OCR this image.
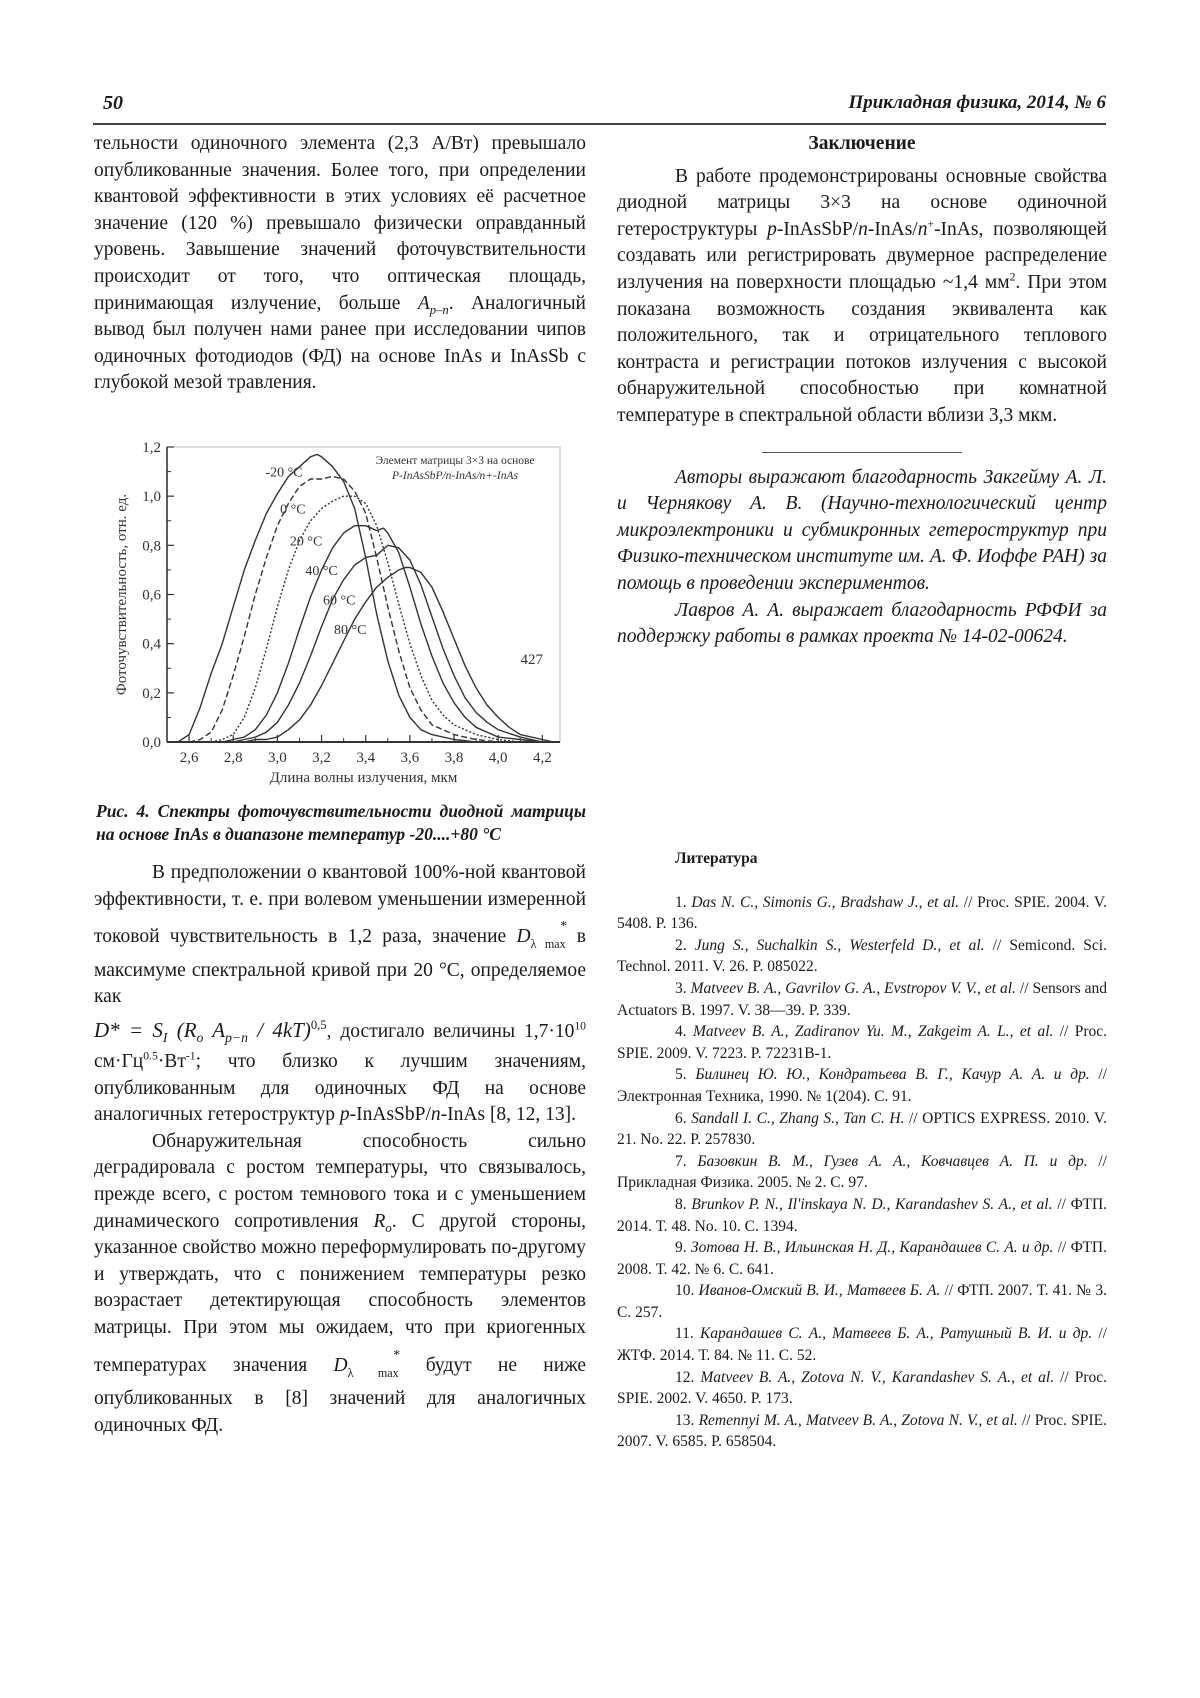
50	Прикладная физика, 2014, № 6

тельности одиночного элемента (2,3 А/Вт) превышало опубликованные значения. Более того, при определении квантовой эффективности в этих условиях её расчетное значение (120 %) превышало физически оправданный уровень. Завышение значений фоточувствительности происходит от того, что оптическая площадь, принимающая излучение, больше $A_{p-n}$. Аналогичный вывод был получен нами ранее при исследовании чипов одиночных фотодиодов (ФД) на основе InAs и InAsSb с глубокой мезой травления.

2,6 2,8 3,0 3,2 3,4 3,6 3,8 4,0 4,2
0,0
0,2
0,4
0,6
0,8
1,0
1,2
Длина волны излучения, мкм
Фоточувствительность, отн. ед.
Элемент матрицы 3×3 на основе
P-InAsSbP/n-InAs/n+-InAs
427
-20 °C
0 °C
20 °C
40 °C
60 °C
80 °C
Рис. 4. Спектры фоточувствительности диодной матрицы на основе InAs в диапазоне температур -20....+80 °С

В предположении о квантовой 100%-ной квантовой эффективности, т. е. при волевом уменьшении измеренной токовой чувствительность в 1,2 раза, значение $D_{\lambda max}^*$ в максимуме спектральной кривой при 20 °С, определяемое как
$D* = S_I$ ($R_o$ $A_{p-n} / 4kT)^{0,5}$, достигало величины $1,7\cdot 10^{10}$ $см\cdot Гц^{0.5}\cdot Вт^{-1}$; что близко к лучшим значениям, опубликованным для одиночных ФД на основе аналогичных гетероструктур p-InAsSbP/n-InAs [8, 12, 13].

Обнаружительная способность сильно деградировала с ростом температуры, что связывалось, прежде всего, с ростом темнового тока и с уменьшением динамического сопротивления $R_o$. С другой стороны, указанное свойство можно переформулировать по-другому и утверждать, что с понижением температуры резко возрастает детектирующая способность элементов матрицы. При этом мы ожидаем, что при криогенных температурах значения $D_{\lambda max}^*$ будут не ниже опубликованных в [8] значений для аналогичных одиночных ФД.

Заключение

В работе продемонстрированы основные свойства диодной матрицы 3×3 на основе одиночной гетероструктуры p-InAsSbP/n-InAs/n+-InAs, позволяющей создавать или регистрировать двумерное распределение излучения на поверхности площадью ~1,4 $мм^2$. При этом показана возможность создания эквивалента как положительного, так и отрицательного теплового контраста и регистрации потоков излучения с высокой обнаружительной способностью при комнатной температуре в спектральной области вблизи 3,3 мкм.

Авторы выражают благодарность Закгейму А. Л. и Чернякову А. В. (Научно-технологический центр микроэлектроники и субмикронных гетероструктур при Физико-техническом институте им. А. Ф. Иоффе РАН) за помощь в проведении экспериментов.

Лавров А. А. выражает благодарность РФФИ за поддержку работы в рамках проекта № 14-02-00624.

Литература

1. Das N. C., Simonis G., Bradshaw J., et al. // Proc. SPIE. 2004. V. 5408. P. 136.

2. Jung S., Suchalkin S., Westerfeld D., et al. // Semicond. Sci. Technol. 2011. V. 26. P. 085022.

3. Matveev B. A., Gavrilov G. A., Evstropov V. V., et al. // Sensors and Actuators B. 1997. V. 38—39. P. 339.

4. Matveev B. A., Zadiranov Yu. M., Zakgeim A. L., et al. // Proc. SPIE. 2009. V. 7223. P. 72231B-1.

5. Билинец Ю. Ю., Кондратьева В. Г., Качур А. А. и др. // Электронная Техника, 1990. № 1(204). С. 91.

6. Sandall I. C., Zhang S., Tan C. H. // OPTICS EXPRESS. 2010. V. 21. No. 22. P. 257830.

7. Базовкин В. М., Гузев А. А., Ковчавцев А. П. и др. // Прикладная Физика. 2005. № 2. С. 97.

8. Brunkov P. N., Il'inskaya N. D., Karandashev S. A., et al. // ФТП. 2014. Т. 48. No. 10. С. 1394.

9. Зотова Н. В., Ильинская Н. Д., Карандашев С. А. и др. // ФТП. 2008. Т. 42. № 6. С. 641.

10. Иванов-Омский В. И., Матвеев Б. А. // ФТП. 2007. Т. 41. № 3. С. 257.

11. Карандашев С. А., Матвеев Б. А., Ратушный В. И. и др. // ЖТФ. 2014. Т. 84. № 11. С. 52.

12. Matveev B. A., Zotova N. V., Karandashev S. A., et al. // Proc. SPIE. 2002. V. 4650. P. 173.

13. Remennyi M. A., Matveev B. A., Zotova N. V., et al. // Proc. SPIE. 2007. V. 6585. P. 658504.
